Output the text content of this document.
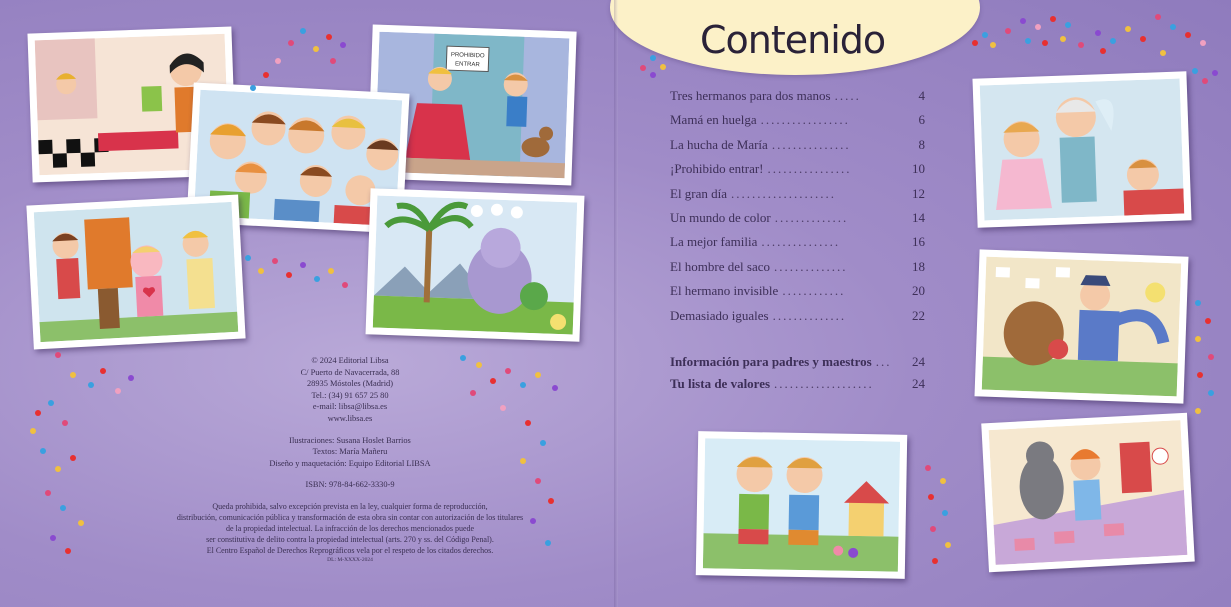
PROHIBIDO
ENTRAR
© 2024 Editorial Libsa
C/ Puerto de Navacerrada, 88
28935 Móstoles (Madrid)
Tel.: (34) 91 657 25 80
e-mail: libsa@libsa.es
www.libsa.es
Ilustraciones: Susana Hoslet Barrios
Textos: María Mañeru
Diseño y maquetación: Equipo Editorial LIBSA
ISBN: 978-84-662-3330-9
Queda prohibida, salvo excepción prevista en la ley, cualquier forma de reproducción,
distribución, comunicación pública y transformación de esta obra sin contar con autorización de los titulares
de la propiedad intelectual. La infracción de los derechos mencionados puede
ser constitutiva de delito contra la propiedad intelectual (arts. 270 y ss. del Código Penal).
El Centro Español de Derechos Reprográficos vela por el respeto de los citados derechos.
DL: M-XXXX-2024
Contenido
Tres hermanos para dos manos .....	4
Mamá en huelga .................	6
La hucha de María ...............	8
¡Prohibido entrar! ................	10
El gran día ....................	12
Un mundo de color ..............	14
La mejor familia ...............	16
El hombre del saco ..............	18
El hermano invisible ............	20
Demasiado iguales ..............	22
Información para padres y maestros ...	24
Tu lista de valores ...................	24
